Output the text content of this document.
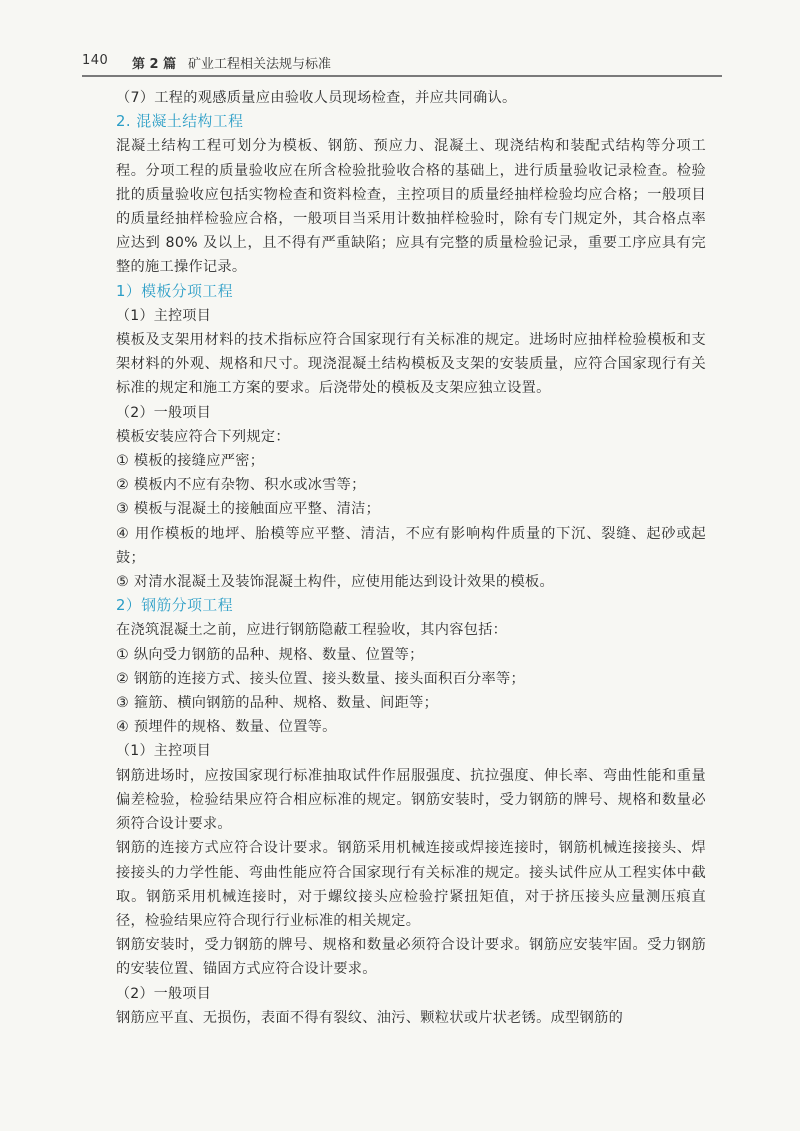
140 第 2 篇 矿业工程相关法规与标准

（7）工程的观感质量应由验收人员现场检查，并应共同确认。

2. 混凝土结构工程

混凝土结构工程可划分为模板、钢筋、预应力、混凝土、现浇结构和装配式结构等分项工程。分项工程的质量验收应在所含检验批验收合格的基础上，进行质量验收记录检查。检验批的质量验收应包括实物检查和资料检查，主控项目的质量经抽样检验均应合格；一般项目的质量经抽样检验应合格，一般项目当采用计数抽样检验时，除有专门规定外，其合格点率应达到 80% 及以上，且不得有严重缺陷；应具有完整的质量检验记录，重要工序应具有完整的施工操作记录。

1）模板分项工程

（1）主控项目

模板及支架用材料的技术指标应符合国家现行有关标准的规定。进场时应抽样检验模板和支架材料的外观、规格和尺寸。现浇混凝土结构模板及支架的安装质量，应符合国家现行有关标准的规定和施工方案的要求。后浇带处的模板及支架应独立设置。

（2）一般项目

模板安装应符合下列规定：

① 模板的接缝应严密；

② 模板内不应有杂物、积水或冰雪等；

③ 模板与混凝土的接触面应平整、清洁；

④ 用作模板的地坪、胎模等应平整、清洁，不应有影响构件质量的下沉、裂缝、起砂或起鼓；

⑤ 对清水混凝土及装饰混凝土构件，应使用能达到设计效果的模板。

2）钢筋分项工程

在浇筑混凝土之前，应进行钢筋隐蔽工程验收，其内容包括：

① 纵向受力钢筋的品种、规格、数量、位置等；

② 钢筋的连接方式、接头位置、接头数量、接头面积百分率等；

③ 箍筋、横向钢筋的品种、规格、数量、间距等；

④ 预埋件的规格、数量、位置等。

（1）主控项目

钢筋进场时，应按国家现行标准抽取试件作屈服强度、抗拉强度、伸长率、弯曲性能和重量偏差检验，检验结果应符合相应标准的规定。钢筋安装时，受力钢筋的牌号、规格和数量必须符合设计要求。

钢筋的连接方式应符合设计要求。钢筋采用机械连接或焊接连接时，钢筋机械连接接头、焊接接头的力学性能、弯曲性能应符合国家现行有关标准的规定。接头试件应从工程实体中截取。钢筋采用机械连接时，对于螺纹接头应检验拧紧扭矩值，对于挤压接头应量测压痕直径，检验结果应符合现行行业标准的相关规定。

钢筋安装时，受力钢筋的牌号、规格和数量必须符合设计要求。钢筋应安装牢固。受力钢筋的安装位置、锚固方式应符合设计要求。

（2）一般项目

钢筋应平直、无损伤，表面不得有裂纹、油污、颗粒状或片状老锈。成型钢筋的
